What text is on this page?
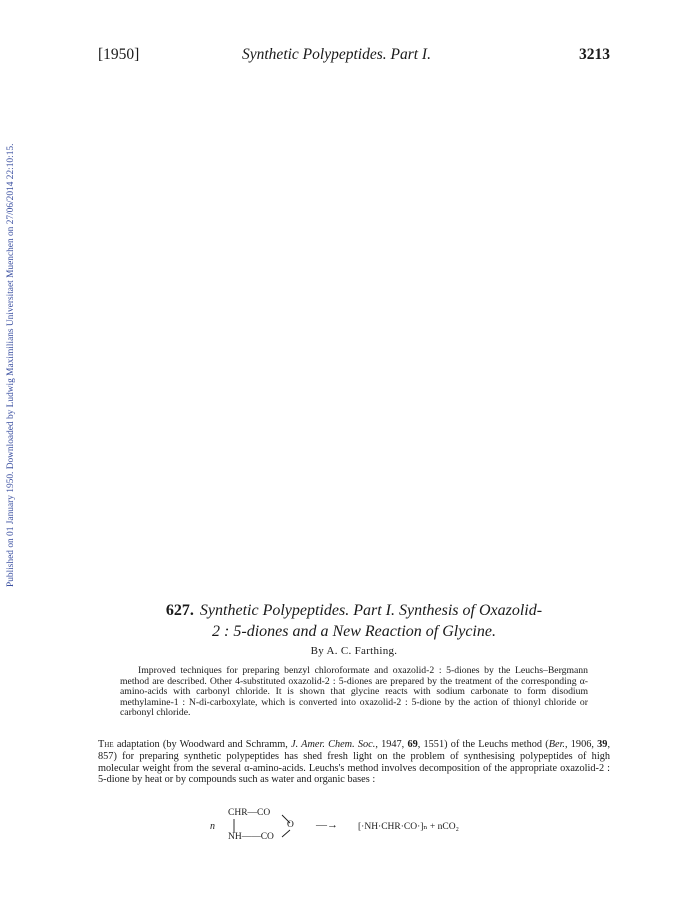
Published on 01 January 1950. Downloaded by Ludwig Maximilians Universitaet Muenchen on 27/06/2014 22:10:15.
[1950]	Synthetic Polypeptides. Part I.	3213
627. Synthetic Polypeptides. Part I. Synthesis of Oxazolid-
2 : 5-diones and a New Reaction of Glycine.
By A. C. Farthing.

Improved techniques for preparing benzyl chloroformate and oxazolid-2 : 5-diones by the Leuchs–Bergmann method are described. Other 4-substituted oxazolid-2 : 5-diones are prepared by the treatment of the corresponding α-amino-acids with carbonyl chloride. It is shown that glycine reacts with sodium carbonate to form disodium methylamine-1 : N-di-carboxylate, which is converted into oxazolid-2 : 5-dione by the action of thionyl chloride or carbonyl chloride.

The adaptation (by Woodward and Schramm, J. Amer. Chem. Soc., 1947, 69, 1551) of the Leuchs method (Ber., 1906, 39, 857) for preparing synthetic polypeptides has shed fresh light on the problem of synthesising polypeptides of high molecular weight from the several α-amino-acids. Leuchs's method involves decomposition of the appropriate oxazolid-2 : 5-dione by heat or by compounds such as water and organic bases :

n
CHR—CO
NH——CO
O —→ [·NH·CHR·CO·]ₙ + nCO₂
